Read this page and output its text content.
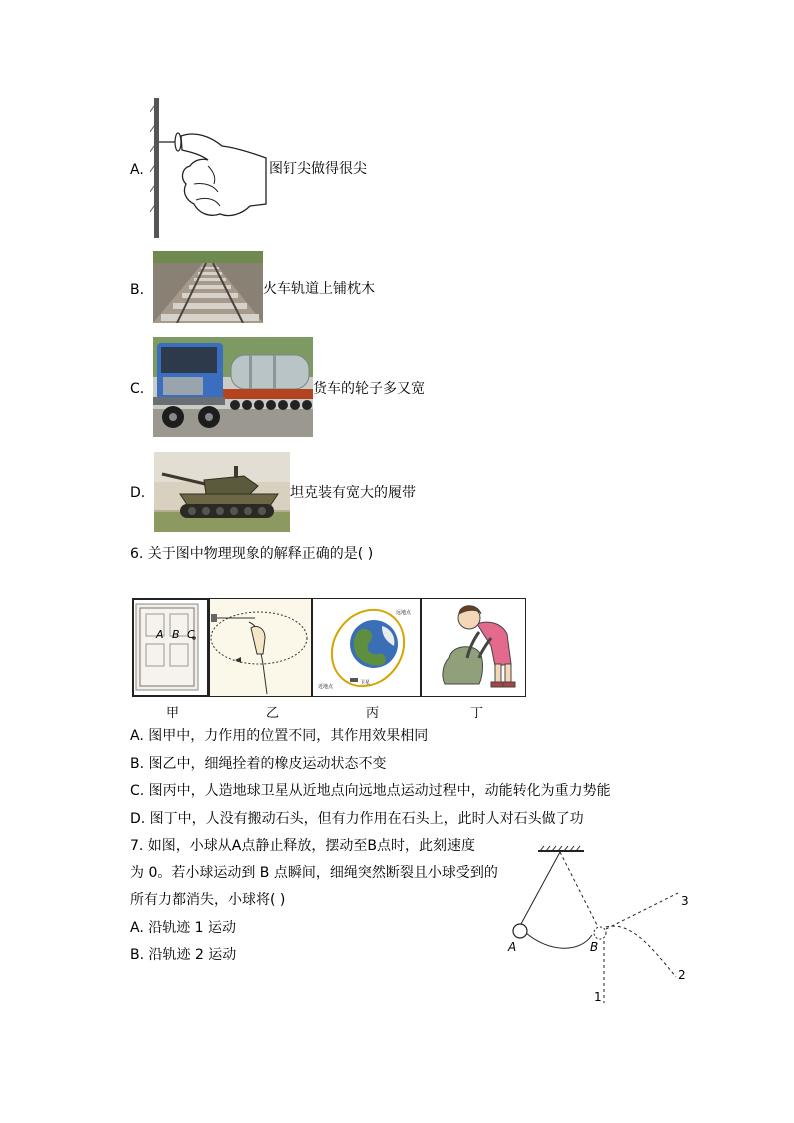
A.	图钉尖做得很尖
B.	火车轨道上铺枕木
C.	货车的轮子多又宽
D.	坦克装有宽大的履带
6. 关于图中物理现象的解释正确的是( )
A B C
远地点
近地点
卫星
甲	乙	丙	丁
A. 图甲中，力作用的位置不同，其作用效果相同
B. 图乙中，细绳拴着的橡皮运动状态不变
C. 图丙中，人造地球卫星从近地点向远地点运动过程中，动能转化为重力势能
D. 图丁中，人没有搬动石头，但有力作用在石头上，此时人对石头做了功
7. 如图，小球从A点静止释放，摆动至B点时，此刻速度
为 0。若小球运动到 B 点瞬间，细绳突然断裂且小球受到的
所有力都消失，小球将( )
A. 沿轨迹 1 运动
B. 沿轨迹 2 运动	A	B
1
2
3
